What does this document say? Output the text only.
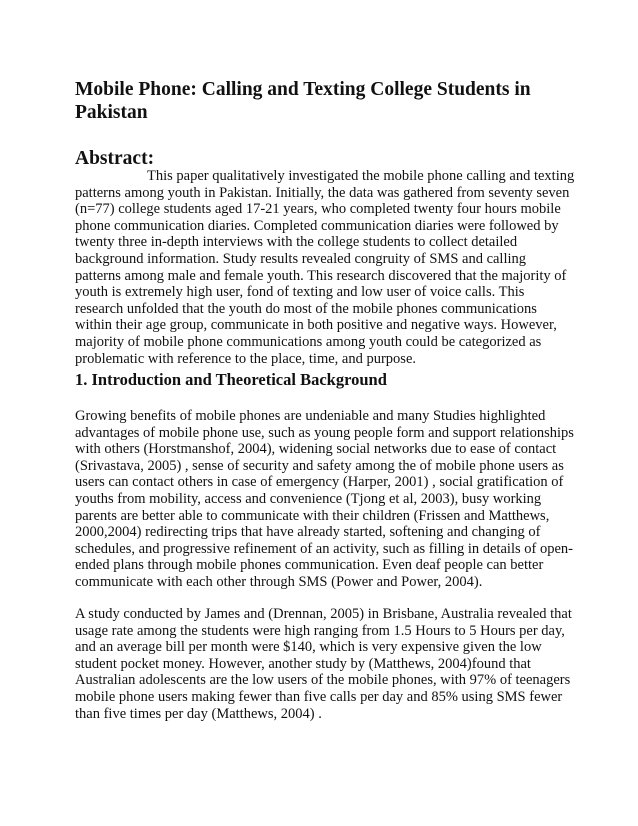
Mobile Phone: Calling and Texting College Students in Pakistan
Abstract:

This paper qualitatively investigated the mobile phone calling and texting patterns among youth in Pakistan. Initially, the data was gathered from seventy seven (n=77) college students aged 17-21 years, who completed twenty four hours mobile phone communication diaries. Completed communication diaries were followed by twenty three in-depth interviews with the college students to collect detailed background information. Study results revealed congruity of SMS and calling patterns among male and female youth. This research discovered that the majority of youth is extremely high user, fond of texting and low user of voice calls. This research unfolded that the youth do most of the mobile phones communications within their age group, communicate in both positive and negative ways. However, majority of mobile phone communications among youth could be categorized as problematic with reference to the place, time, and purpose.

1. Introduction and Theoretical Background

Growing benefits of mobile phones are undeniable and many Studies highlighted advantages of mobile phone use, such as young people form and support relationships with others (Horstmanshof, 2004), widening social networks due to ease of contact (Srivastava, 2005) , sense of security and safety among the of mobile phone users as users can contact others in case of emergency (Harper, 2001) , social gratification of youths from mobility, access and convenience (Tjong et al, 2003), busy working parents are better able to communicate with their children (Frissen and Matthews, 2000,2004) redirecting trips that have already started, softening and changing of schedules, and progressive refinement of an activity, such as filling in details of open-ended plans through mobile phones communication. Even deaf people can better communicate with each other through SMS (Power and Power, 2004).

A study conducted by James and (Drennan, 2005) in Brisbane, Australia revealed that usage rate among the students were high ranging from 1.5 Hours to 5 Hours per day, and an average bill per month were $140, which is very expensive given the low student pocket money. However, another study by (Matthews, 2004)found that Australian adolescents are the low users of the mobile phones, with 97% of teenagers mobile phone users making fewer than five calls per day and 85% using SMS fewer than five times per day (Matthews, 2004) .
